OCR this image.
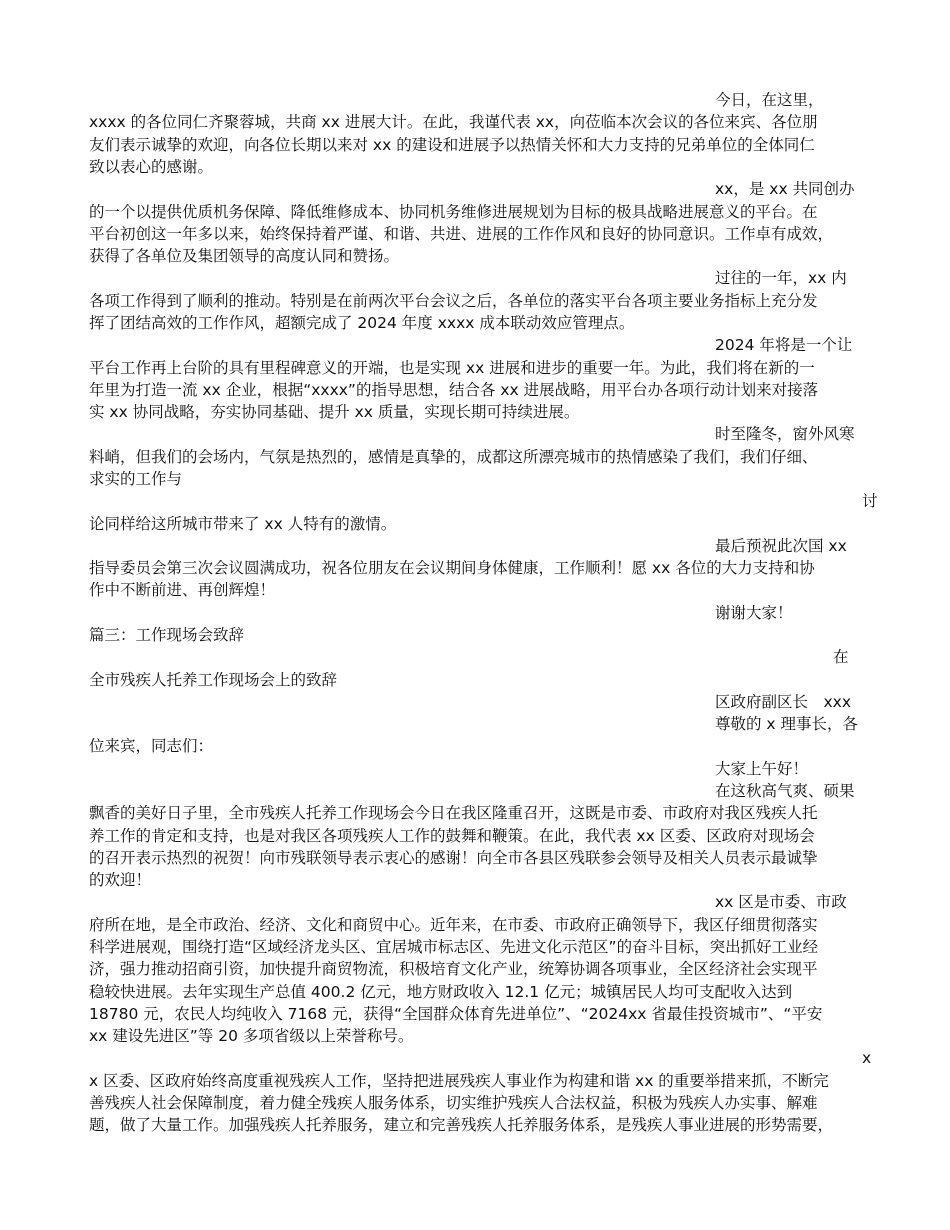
今日，在这里，
xxxx 的各位同仁齐聚蓉城，共商 xx 进展大计。在此，我谨代表 xx，向莅临本次会议的各位来宾、各位朋
友们表示诚挚的欢迎，向各位长期以来对 xx 的建设和进展予以热情关怀和大力支持的兄弟单位的全体同仁
致以表心的感谢。
xx，是 xx 共同创办
的一个以提供优质机务保障、降低维修成本、协同机务维修进展规划为目标的极具战略进展意义的平台。在
平台初创这一年多以来，始终保持着严谨、和谐、共进、进展的工作作风和良好的协同意识。工作卓有成效，
获得了各单位及集团领导的高度认同和赞扬。
过往的一年，xx 内
各项工作得到了顺利的推动。特别是在前两次平台会议之后，各单位的落实平台各项主要业务指标上充分发
挥了团结高效的工作作风，超额完成了 2024 年度 xxxx 成本联动效应管理点。
2024 年将是一个让
平台工作再上台阶的具有里程碑意义的开端，也是实现 xx 进展和进步的重要一年。为此，我们将在新的一
年里为打造一流 xx 企业，根据“xxxx”的指导思想，结合各 xx 进展战略，用平台办各项行动计划来对接落
实 xx 协同战略，夯实协同基础、提升 xx 质量，实现长期可持续进展。
时至隆冬，窗外风寒
料峭，但我们的会场内，气氛是热烈的，感情是真挚的，成都这所漂亮城市的热情感染了我们，我们仔细、
求实的工作与
讨
论同样给这所城市带来了 xx 人特有的激情。
最后预祝此次国 xx
指导委员会第三次会议圆满成功，祝各位朋友在会议期间身体健康，工作顺利！愿 xx 各位的大力支持和协
作中不断前进、再创辉煌！
谢谢大家！
篇三：工作现场会致辞
在
全市残疾人托养工作现场会上的致辞
区政府副区长　xxx
尊敬的 x 理事长，各
位来宾，同志们：
大家上午好！
在这秋高气爽、硕果
飘香的美好日子里，全市残疾人托养工作现场会今日在我区隆重召开，这既是市委、市政府对我区残疾人托
养工作的肯定和支持，也是对我区各项残疾人工作的鼓舞和鞭策。在此，我代表 xx 区委、区政府对现场会
的召开表示热烈的祝贺！向市残联领导表示衷心的感谢！向全市各县区残联参会领导及相关人员表示最诚挚
的欢迎！
xx 区是市委、市政
府所在地，是全市政治、经济、文化和商贸中心。近年来，在市委、市政府正确领导下，我区仔细贯彻落实
科学进展观，围绕打造“区域经济龙头区、宜居城市标志区、先进文化示范区”的奋斗目标，突出抓好工业经
济，强力推动招商引资，加快提升商贸物流，积极培育文化产业，统筹协调各项事业，全区经济社会实现平
稳较快进展。去年实现生产总值 400.2 亿元，地方财政收入 12.1 亿元；城镇居民人均可支配收入达到
18780 元，农民人均纯收入 7168 元，获得“全国群众体育先进单位”、“2024xx 省最佳投资城市”、“平安
xx 建设先进区”等 20 多项省级以上荣誉称号。
x
x 区委、区政府始终高度重视残疾人工作，坚持把进展残疾人事业作为构建和谐 xx 的重要举措来抓，不断完
善残疾人社会保障制度，着力健全残疾人服务体系，切实维护残疾人合法权益，积极为残疾人办实事、解难
题，做了大量工作。加强残疾人托养服务，建立和完善残疾人托养服务体系，是残疾人事业进展的形势需要，
